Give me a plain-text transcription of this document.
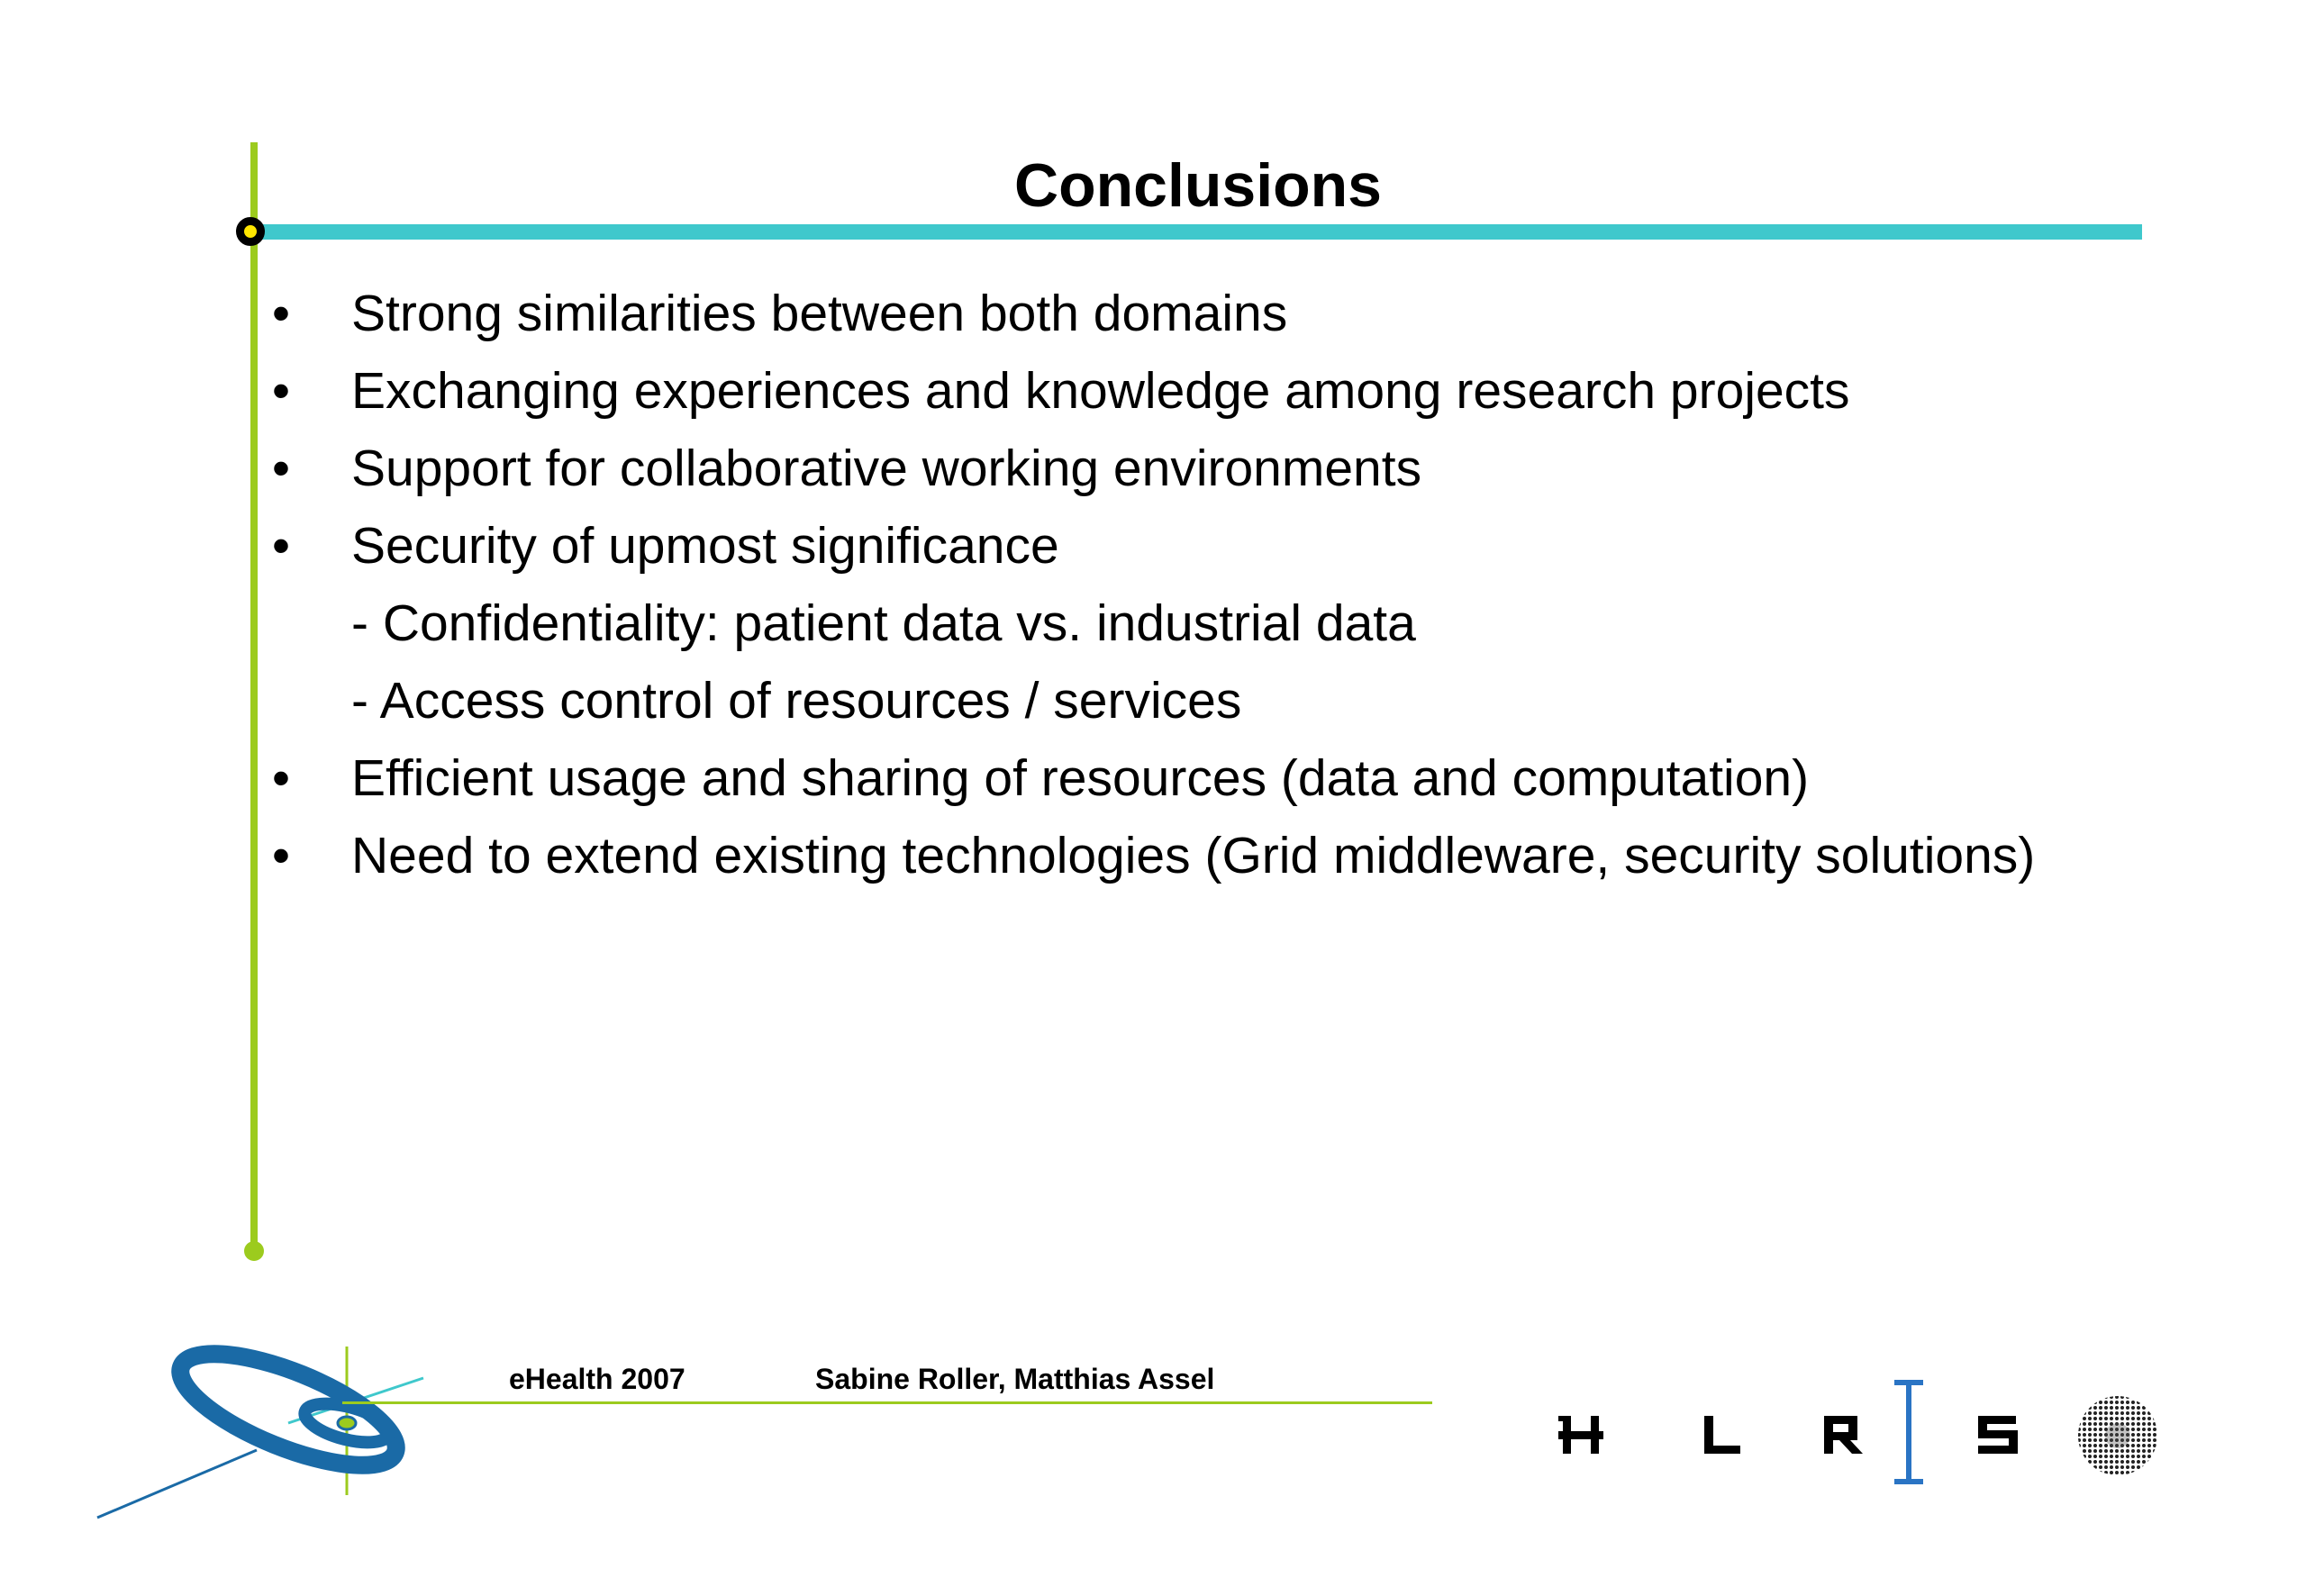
Conclusions
•	Strong similarities between both domains
•	Exchanging experiences and knowledge among research projects
•	Support for collaborative working environments
•	Security of upmost significance
- Confidentiality: patient data vs. industrial data
- Access control of resources / services
•	Efficient usage and sharing of resources (data and computation)
•	Need to extend existing technologies (Grid middleware, security solutions)
eHealth 2007	Sabine Roller, Matthias Assel
